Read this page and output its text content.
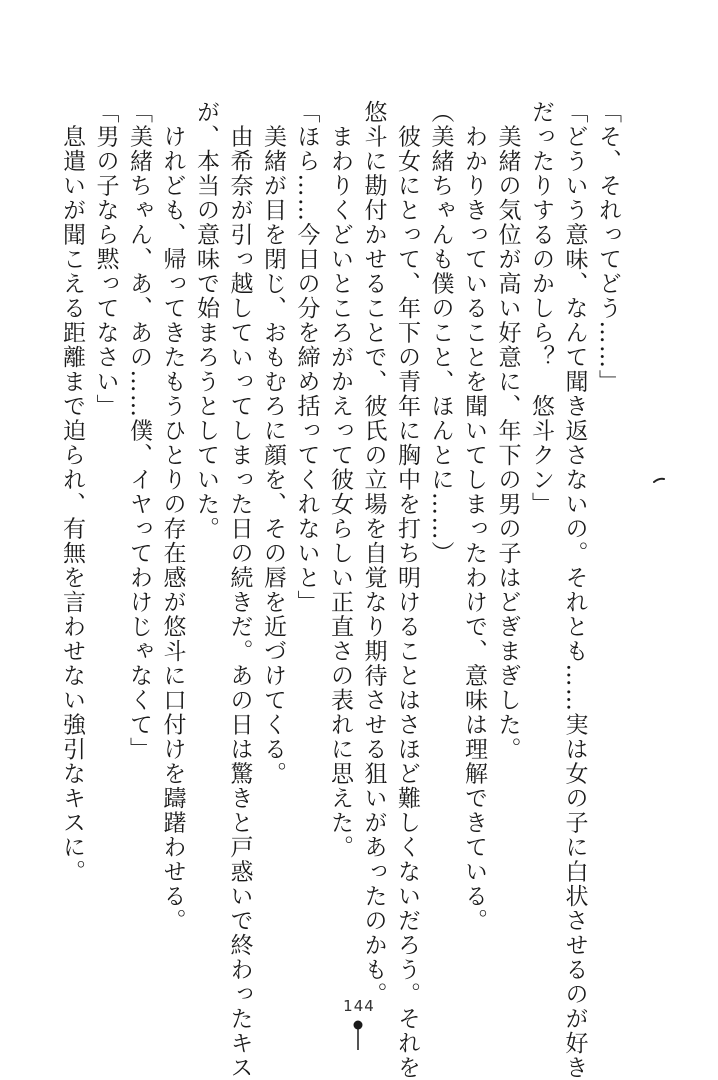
「そ、それってどう……」
「どういう意味、なんて聞き返さないの。それとも……実は女の子に白状させるのが好き
だったりするのかしら？　悠斗クン」
　美緒の気位が高い好意に、年下の男の子はどぎまぎした。
　わかりきっていることを聞いてしまったわけで、意味は理解できている。
（美緒ちゃんも僕のこと、ほんとに……）
　彼女にとって、年下の青年に胸中を打ち明けることはさほど難しくないだろう。それを
悠斗に勘付かせることで、彼氏の立場を自覚なり期待させる狙いがあったのかも。
　まわりくどいところがかえって彼女らしい正直さの表れに思えた。
「ほら……今日の分を締め括ってくれないと」
　美緒が目を閉じ、おもむろに顔を、その唇を近づけてくる。
　由希奈が引っ越していってしまった日の続きだ。あの日は驚きと戸惑いで終わったキス
が、本当の意味で始まろうとしていた。
　けれども、帰ってきたもうひとりの存在感が悠斗に口付けを躊躇わせる。
「美緒ちゃん、あ、あの……僕、イヤってわけじゃなくて」
「男の子なら黙ってなさい」
　息遣いが聞こえる距離まで迫られ、有無を言わせない強引なキスに。
144
